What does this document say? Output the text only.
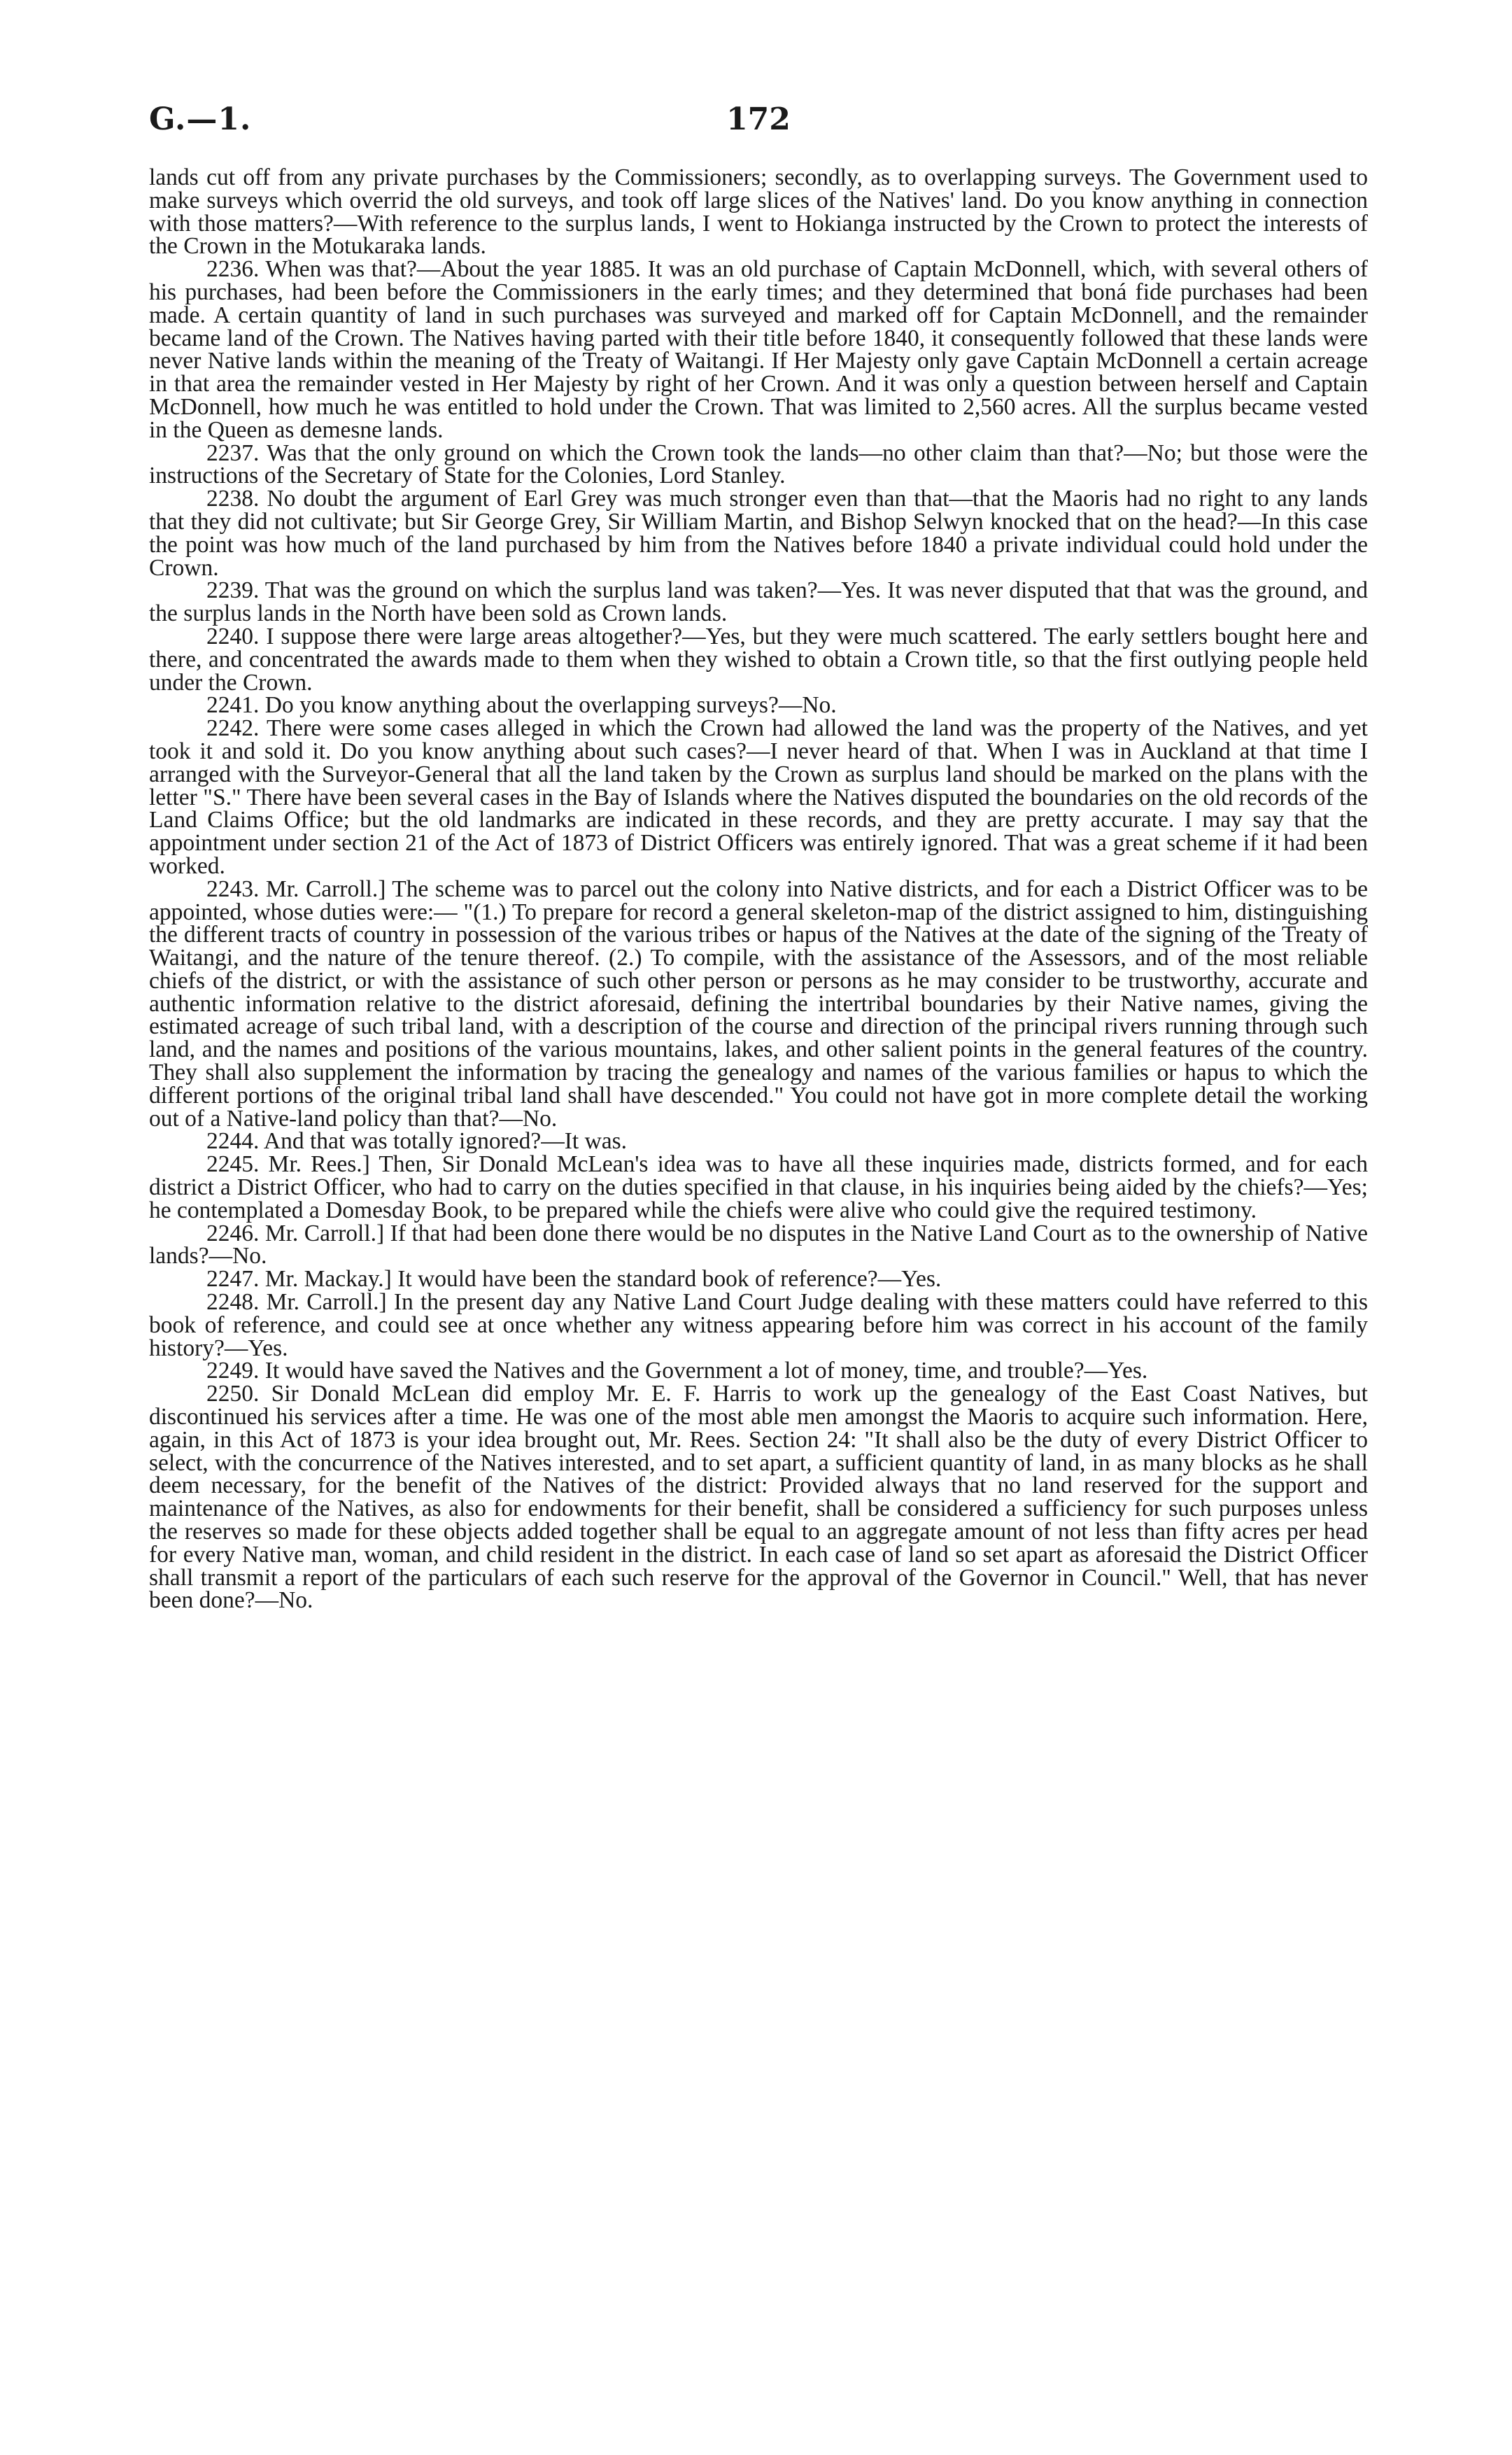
G.—1.	172

lands cut off from any private purchases by the Commissioners; secondly, as to overlapping surveys. The Government used to make surveys which overrid the old surveys, and took off large slices of the Natives' land. Do you know anything in connection with those matters?—With reference to the surplus lands, I went to Hokianga instructed by the Crown to protect the interests of the Crown in the Motukaraka lands.

2236. When was that?—About the year 1885. It was an old purchase of Captain McDonnell, which, with several others of his purchases, had been before the Commissioners in the early times; and they determined that boná fide purchases had been made. A certain quantity of land in such purchases was surveyed and marked off for Captain McDonnell, and the remainder became land of the Crown. The Natives having parted with their title before 1840, it consequently followed that these lands were never Native lands within the meaning of the Treaty of Waitangi. If Her Majesty only gave Captain McDonnell a certain acreage in that area the remainder vested in Her Majesty by right of her Crown. And it was only a question between herself and Captain McDonnell, how much he was entitled to hold under the Crown. That was limited to 2,560 acres. All the surplus became vested in the Queen as demesne lands.

2237. Was that the only ground on which the Crown took the lands—no other claim than that?—No; but those were the instructions of the Secretary of State for the Colonies, Lord Stanley.

2238. No doubt the argument of Earl Grey was much stronger even than that—that the Maoris had no right to any lands that they did not cultivate; but Sir George Grey, Sir William Martin, and Bishop Selwyn knocked that on the head?—In this case the point was how much of the land purchased by him from the Natives before 1840 a private individual could hold under the Crown.

2239. That was the ground on which the surplus land was taken?—Yes. It was never disputed that that was the ground, and the surplus lands in the North have been sold as Crown lands.

2240. I suppose there were large areas altogether?—Yes, but they were much scattered. The early settlers bought here and there, and concentrated the awards made to them when they wished to obtain a Crown title, so that the first outlying people held under the Crown.

2241. Do you know anything about the overlapping surveys?—No.

2242. There were some cases alleged in which the Crown had allowed the land was the property of the Natives, and yet took it and sold it. Do you know anything about such cases?—I never heard of that. When I was in Auckland at that time I arranged with the Surveyor-General that all the land taken by the Crown as surplus land should be marked on the plans with the letter "S." There have been several cases in the Bay of Islands where the Natives disputed the boundaries on the old records of the Land Claims Office; but the old landmarks are indicated in these records, and they are pretty accurate. I may say that the appointment under section 21 of the Act of 1873 of District Officers was entirely ignored. That was a great scheme if it had been worked.

2243. Mr. Carroll.] The scheme was to parcel out the colony into Native districts, and for each a District Officer was to be appointed, whose duties were:— "(1.) To prepare for record a general skeleton-map of the district assigned to him, distinguishing the different tracts of country in possession of the various tribes or hapus of the Natives at the date of the signing of the Treaty of Waitangi, and the nature of the tenure thereof. (2.) To compile, with the assistance of the Assessors, and of the most reliable chiefs of the district, or with the assistance of such other person or persons as he may consider to be trustworthy, accurate and authentic information relative to the district aforesaid, defining the intertribal boundaries by their Native names, giving the estimated acreage of such tribal land, with a description of the course and direction of the principal rivers running through such land, and the names and positions of the various mountains, lakes, and other salient points in the general features of the country. They shall also supplement the information by tracing the genealogy and names of the various families or hapus to which the different portions of the original tribal land shall have descended." You could not have got in more complete detail the working out of a Native-land policy than that?—No.

2244. And that was totally ignored?—It was.

2245. Mr. Rees.] Then, Sir Donald McLean's idea was to have all these inquiries made, districts formed, and for each district a District Officer, who had to carry on the duties specified in that clause, in his inquiries being aided by the chiefs?—Yes; he contemplated a Domesday Book, to be prepared while the chiefs were alive who could give the required testimony.

2246. Mr. Carroll.] If that had been done there would be no disputes in the Native Land Court as to the ownership of Native lands?—No.

2247. Mr. Mackay.] It would have been the standard book of reference?—Yes.

2248. Mr. Carroll.] In the present day any Native Land Court Judge dealing with these matters could have referred to this book of reference, and could see at once whether any witness appearing before him was correct in his account of the family history?—Yes.

2249. It would have saved the Natives and the Government a lot of money, time, and trouble?—Yes.

2250. Sir Donald McLean did employ Mr. E. F. Harris to work up the genealogy of the East Coast Natives, but discontinued his services after a time. He was one of the most able men amongst the Maoris to acquire such information. Here, again, in this Act of 1873 is your idea brought out, Mr. Rees. Section 24: "It shall also be the duty of every District Officer to select, with the concurrence of the Natives interested, and to set apart, a sufficient quantity of land, in as many blocks as he shall deem necessary, for the benefit of the Natives of the district: Provided always that no land reserved for the support and maintenance of the Natives, as also for endowments for their benefit, shall be considered a sufficiency for such purposes unless the reserves so made for these objects added together shall be equal to an aggregate amount of not less than fifty acres per head for every Native man, woman, and child resident in the district. In each case of land so set apart as aforesaid the District Officer shall transmit a report of the particulars of each such reserve for the approval of the Governor in Council." Well, that has never been done?—No.
